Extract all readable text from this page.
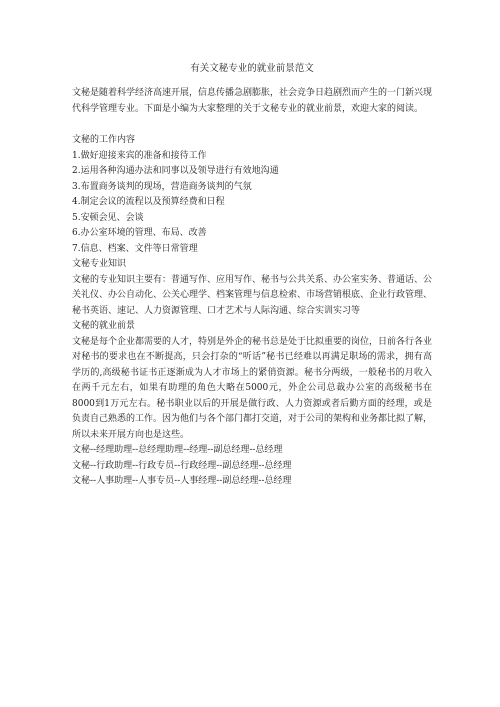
有关文秘专业的就业前景范文

文秘是随着科学经济高速开展，信息传播急剧膨胀，社会竞争日趋剧烈而产生的一门新兴现代科学管理专业。下面是小编为大家整理的关于文秘专业的就业前景，欢迎大家的阅读。

文秘的工作内容

1.做好迎接来宾的准备和接待工作

2.运用各种沟通办法和同事以及领导进行有效地沟通

3.布置商务谈判的现场，营造商务谈判的气氛

4.制定会议的流程以及预算经费和日程

5.安顿会见、会谈

6.办公室环境的管理、布局、改善

7.信息、档案、文件等日常管理

文秘专业知识

文秘的专业知识主要有：普通写作、应用写作、秘书与公共关系、办公室实务、普通话、公关礼仪、办公自动化、公关心理学、档案管理与信息检索、市场营销根底、企业行政管理、秘书英语、速记、人力资源管理、口才艺术与人际沟通、综合实训实习等

文秘的就业前景

文秘是每个企业都需要的人才，特别是外企的秘书总是处于比拟重要的岗位，日前各行各业对秘书的要求也在不断提高，只会打杂的“听话”秘书已经难以再满足职场的需求，拥有高学历的,高级秘书证书正逐渐成为人才市场上的紧俏资源。秘书分两级，一般秘书的月收入在两千元左右，如果有助理的角色大略在5000元，外企公司总裁办公室的高级秘书在8000到1万元左右。秘书职业以后的开展是做行政、人力资源或者后勤方面的经理，或是负责自己熟悉的工作。因为他们与各个部门都打交道，对于公司的架构和业务都比拟了解，所以未来开展方向也是这些。

文秘--经理助理--总经理助理--经理--副总经理--总经理

文秘--行政助理--行政专员--行政经理--副总经理--总经理

文秘--人事助理--人事专员--人事经理--副总经理--总经理
